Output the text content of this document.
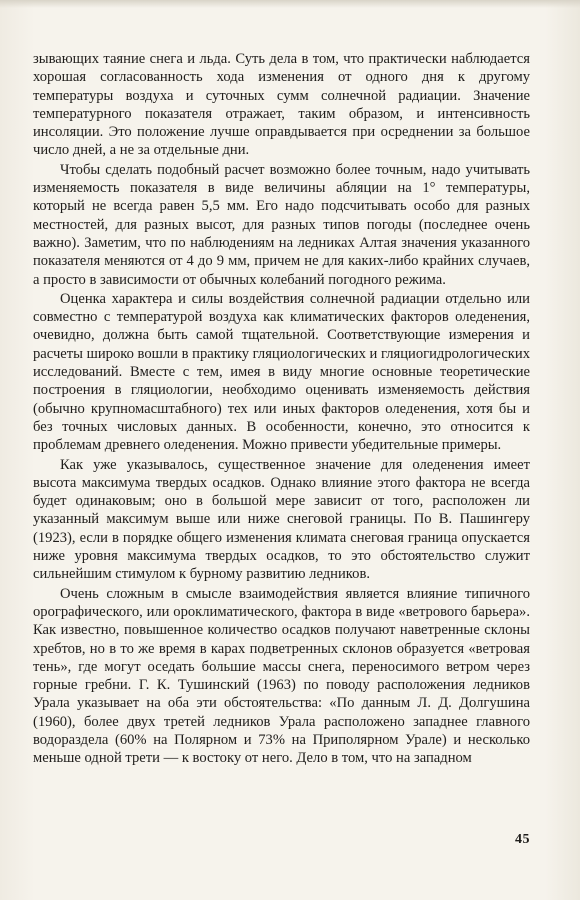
зывающих таяние снега и льда. Суть дела в том, что практически наблюдается хорошая согласованность хода изменения от одного дня к другому температуры воздуха и суточных сумм солнечной радиации. Значение температурного показателя отражает, таким образом, и интенсивность инсоляции. Это положение лучше оправдывается при осреднении за большое число дней, а не за отдельные дни.

Чтобы сделать подобный расчет возможно более точным, надо учитывать изменяемость показателя в виде величины абляции на 1° температуры, который не всегда равен 5,5 мм. Его надо подсчитывать особо для разных местностей, для разных высот, для разных типов погоды (последнее очень важно). Заметим, что по наблюдениям на ледниках Алтая значения указанного показателя меняются от 4 до 9 мм, причем не для каких-либо крайних случаев, а просто в зависимости от обычных колебаний погодного режима.

Оценка характера и силы воздействия солнечной радиации отдельно или совместно с температурой воздуха как климатических факторов оледенения, очевидно, должна быть самой тщательной. Соответствующие измерения и расчеты широко вошли в практику гляциологических и гляциогидрологических исследований. Вместе с тем, имея в виду многие основные теоретические построения в гляциологии, необходимо оценивать изменяемость действия (обычно крупномасштабного) тех или иных факторов оледенения, хотя бы и без точных числовых данных. В особенности, конечно, это относится к проблемам древнего оледенения. Можно привести убедительные примеры.

Как уже указывалось, существенное значение для оледенения имеет высота максимума твердых осадков. Однако влияние этого фактора не всегда будет одинаковым; оно в большой мере зависит от того, расположен ли указанный максимум выше или ниже снеговой границы. По В. Пашингеру (1923), если в порядке общего изменения климата снеговая граница опускается ниже уровня максимума твердых осадков, то это обстоятельство служит сильнейшим стимулом к бурному развитию ледников.

Очень сложным в смысле взаимодействия является влияние типичного орографического, или ороклиматического, фактора в виде «ветрового барьера». Как известно, повышенное количество осадков получают наветренные склоны хребтов, но в то же время в карах подветренных склонов образуется «ветровая тень», где могут оседать большие массы снега, переносимого ветром через горные гребни. Г. К. Тушинский (1963) по поводу расположения ледников Урала указывает на оба эти обстоятельства: «По данным Л. Д. Долгушина (1960), более двух третей ледников Урала расположено западнее главного водораздела (60% на Полярном и 73% на Приполярном Урале) и несколько меньше одной трети — к востоку от него. Дело в том, что на западном

45
